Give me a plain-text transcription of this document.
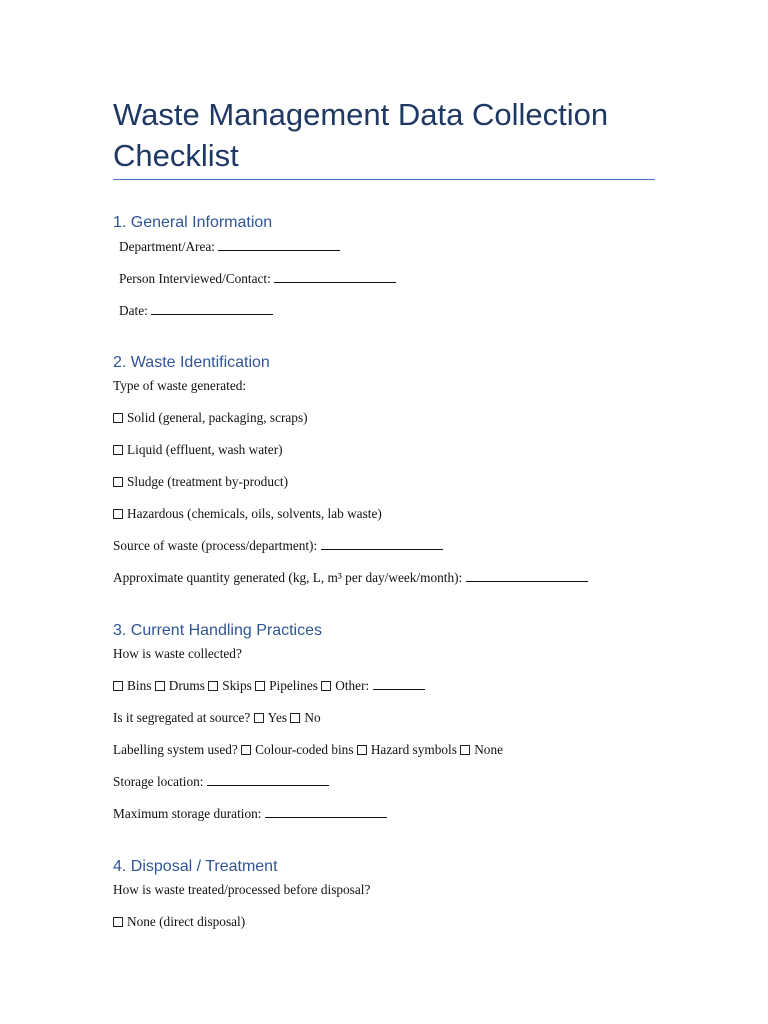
Waste Management Data Collection Checklist
1. General Information
Department/Area:
Person Interviewed/Contact:
Date:
2. Waste Identification
Type of waste generated:
Solid (general, packaging, scraps)
Liquid (effluent, wash water)
Sludge (treatment by-product)
Hazardous (chemicals, oils, solvents, lab waste)
Source of waste (process/department):
Approximate quantity generated (kg, L, m³ per day/week/month):
3. Current Handling Practices
How is waste collected?
Bins Drums Skips Pipelines Other:
Is it segregated at source? Yes No
Labelling system used? Colour-coded bins Hazard symbols None
Storage location:
Maximum storage duration:
4. Disposal / Treatment
How is waste treated/processed before disposal?
None (direct disposal)
